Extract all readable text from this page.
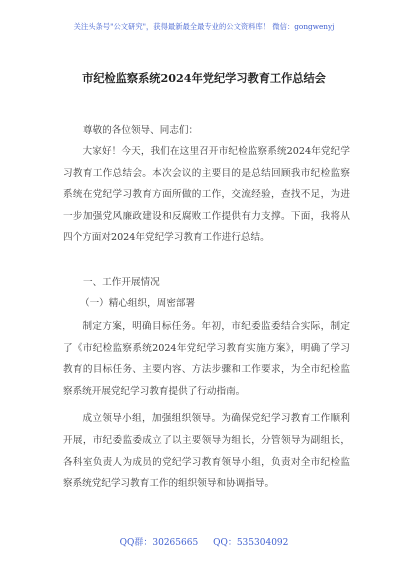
关注头条号"公文研究"，获得最新最全最专业的公文资料库！ 微信：gongwenyj
市纪检监察系统2024年党纪学习教育工作总结会
尊敬的各位领导、同志们：

大家好！今天，我们在这里召开市纪检监察系统2024年党纪学习教育工作总结会。本次会议的主要目的是总结回顾我市纪检监察系统在党纪学习教育方面所做的工作，交流经验，查找不足，为进一步加强党风廉政建设和反腐败工作提供有力支撑。下面，我将从四个方面对2024年党纪学习教育工作进行总结。

一、工作开展情况
（一）精心组织，周密部署

制定方案，明确目标任务。年初，市纪委监委结合实际，制定了《市纪检监察系统2024年党纪学习教育实施方案》，明确了学习教育的目标任务、主要内容、方法步骤和工作要求，为全市纪检监察系统开展党纪学习教育提供了行动指南。

成立领导小组，加强组织领导。为确保党纪学习教育工作顺利开展，市纪委监委成立了以主要领导为组长，分管领导为副组长，各科室负责人为成员的党纪学习教育领导小组，负责对全市纪检监察系统党纪学习教育工作的组织领导和协调指导。

QQ群：30265665 QQ：535304092
